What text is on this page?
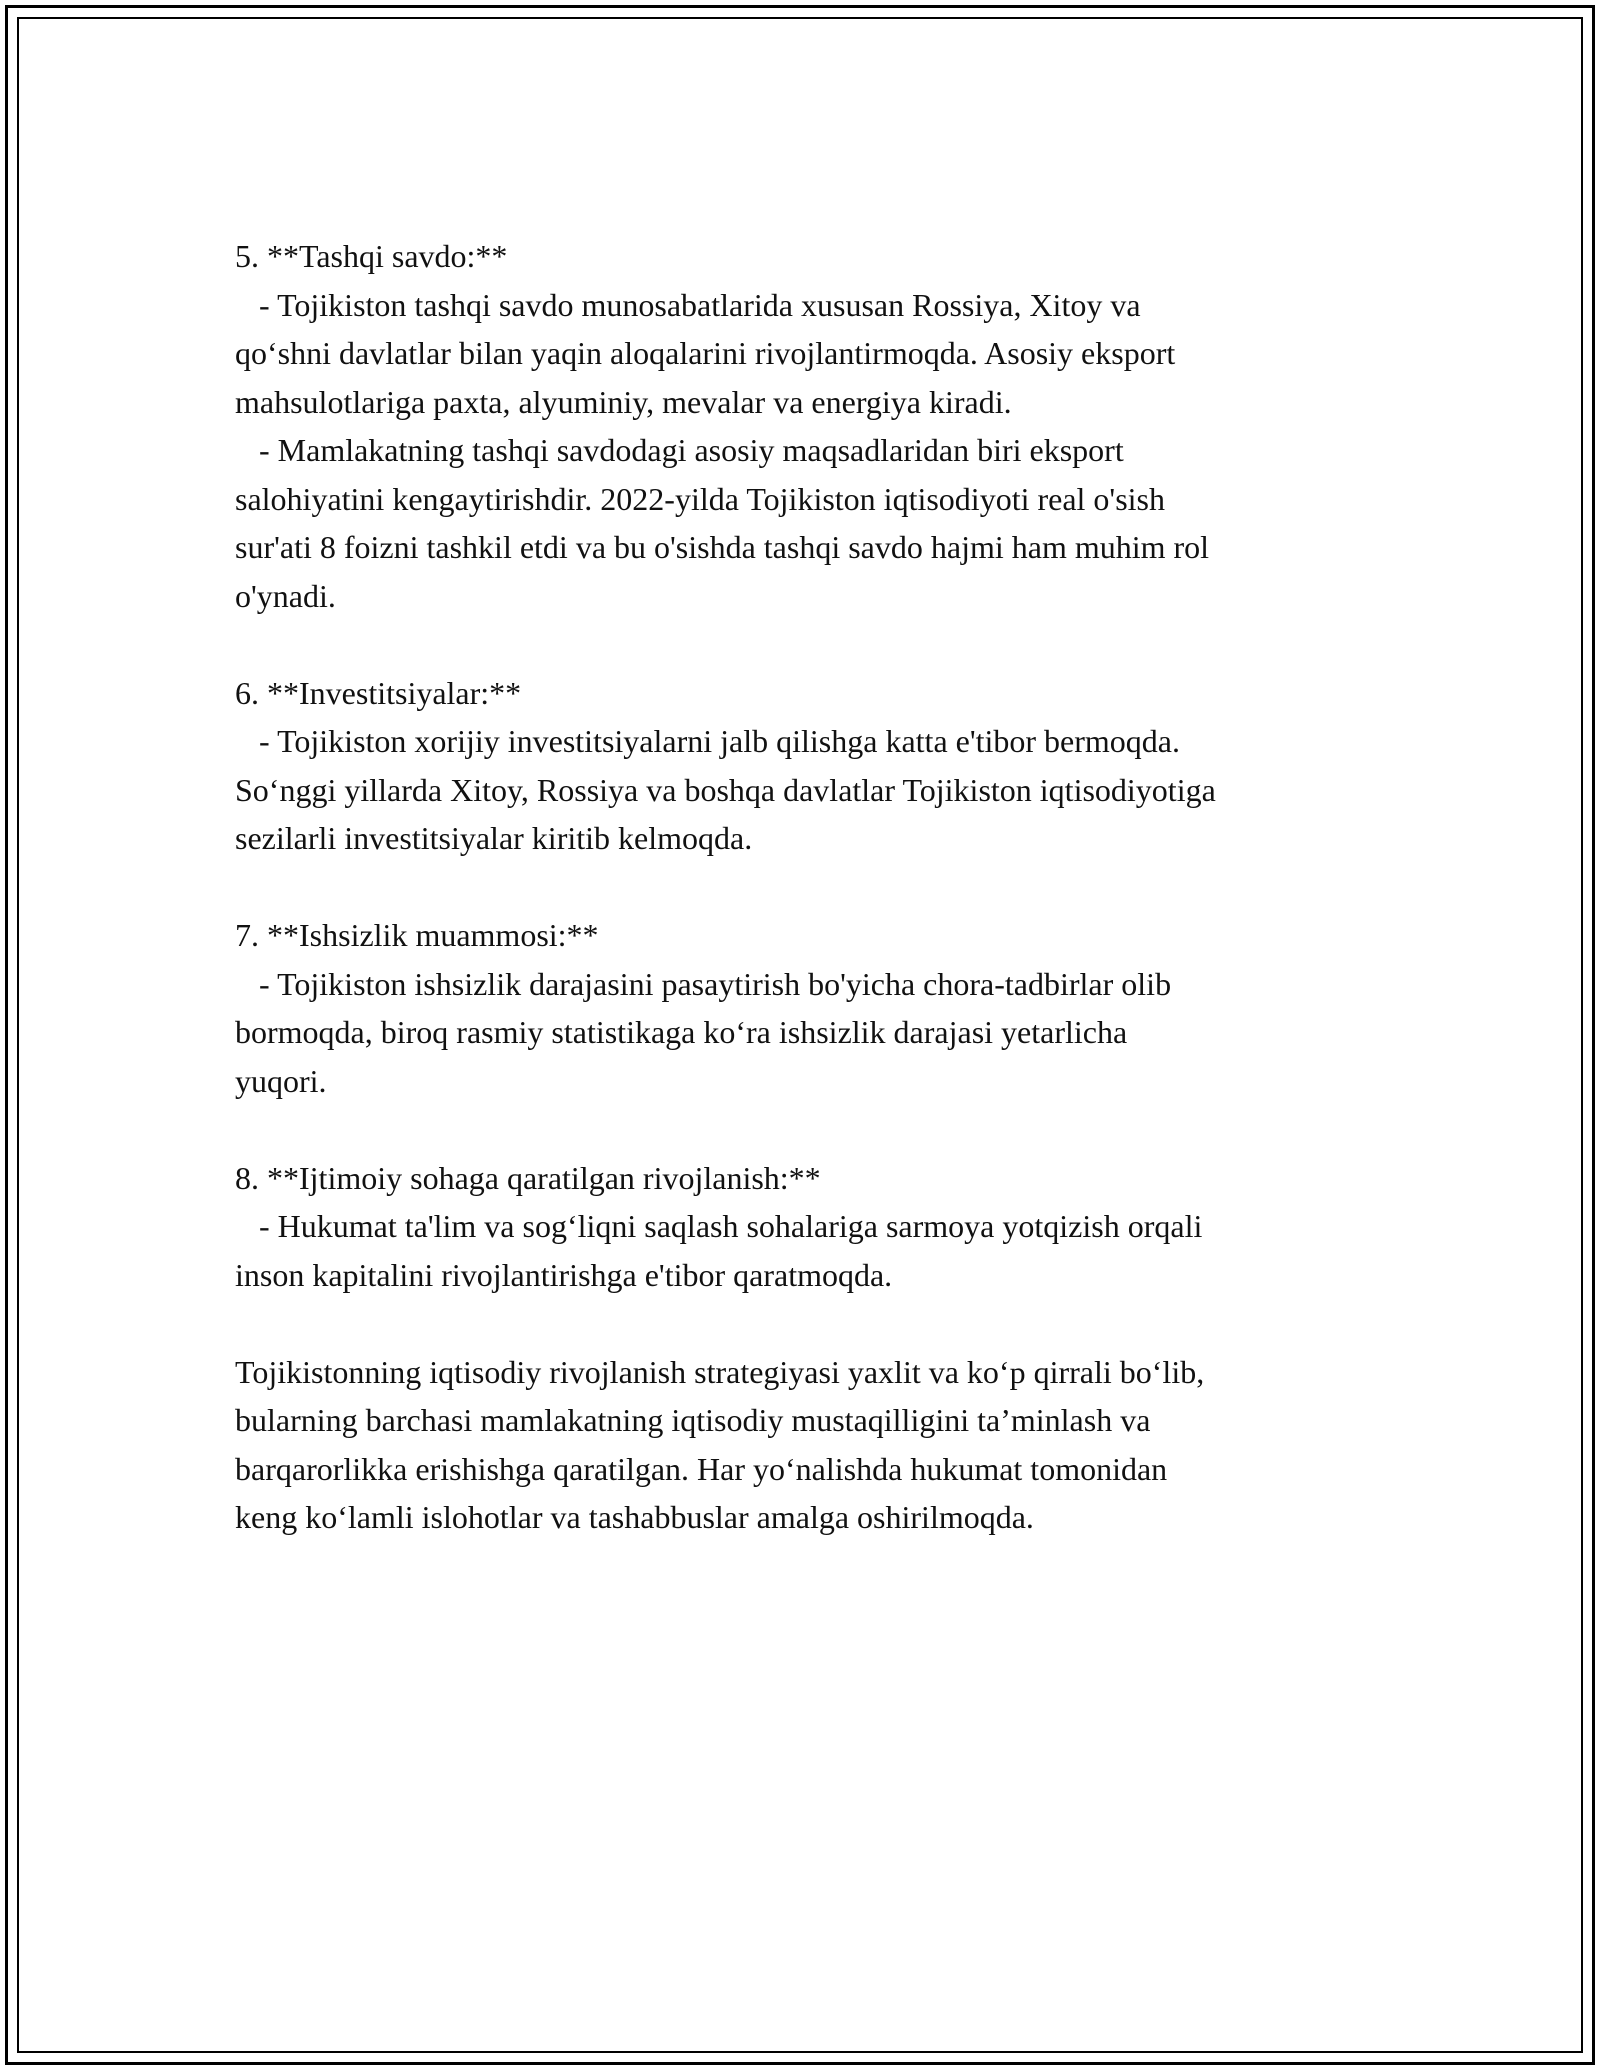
5. **Tashqi savdo:**
- Tojikiston tashqi savdo munosabatlarida xususan Rossiya, Xitoy va
qo‘shni davlatlar bilan yaqin aloqalarini rivojlantirmoqda. Asosiy eksport
mahsulotlariga paxta, alyuminiy, mevalar va energiya kiradi.
- Mamlakatning tashqi savdodagi asosiy maqsadlaridan biri eksport
salohiyatini kengaytirishdir. 2022-yilda Tojikiston iqtisodiyoti real o'sish
sur'ati 8 foizni tashkil etdi va bu o'sishda tashqi savdo hajmi ham muhim rol
o'ynadi.
6. **Investitsiyalar:**
- Tojikiston xorijiy investitsiyalarni jalb qilishga katta e'tibor bermoqda.
So‘nggi yillarda Xitoy, Rossiya va boshqa davlatlar Tojikiston iqtisodiyotiga
sezilarli investitsiyalar kiritib kelmoqda.
7. **Ishsizlik muammosi:**
- Tojikiston ishsizlik darajasini pasaytirish bo'yicha chora-tadbirlar olib
bormoqda, biroq rasmiy statistikaga ko‘ra ishsizlik darajasi yetarlicha
yuqori.
8. **Ijtimoiy sohaga qaratilgan rivojlanish:**
- Hukumat ta'lim va sog‘liqni saqlash sohalariga sarmoya yotqizish orqali
inson kapitalini rivojlantirishga e'tibor qaratmoqda.
Tojikistonning iqtisodiy rivojlanish strategiyasi yaxlit va ko‘p qirrali bo‘lib,
bularning barchasi mamlakatning iqtisodiy mustaqilligini ta’minlash va
barqarorlikka erishishga qaratilgan. Har yo‘nalishda hukumat tomonidan
keng ko‘lamli islohotlar va tashabbuslar amalga oshirilmoqda.
